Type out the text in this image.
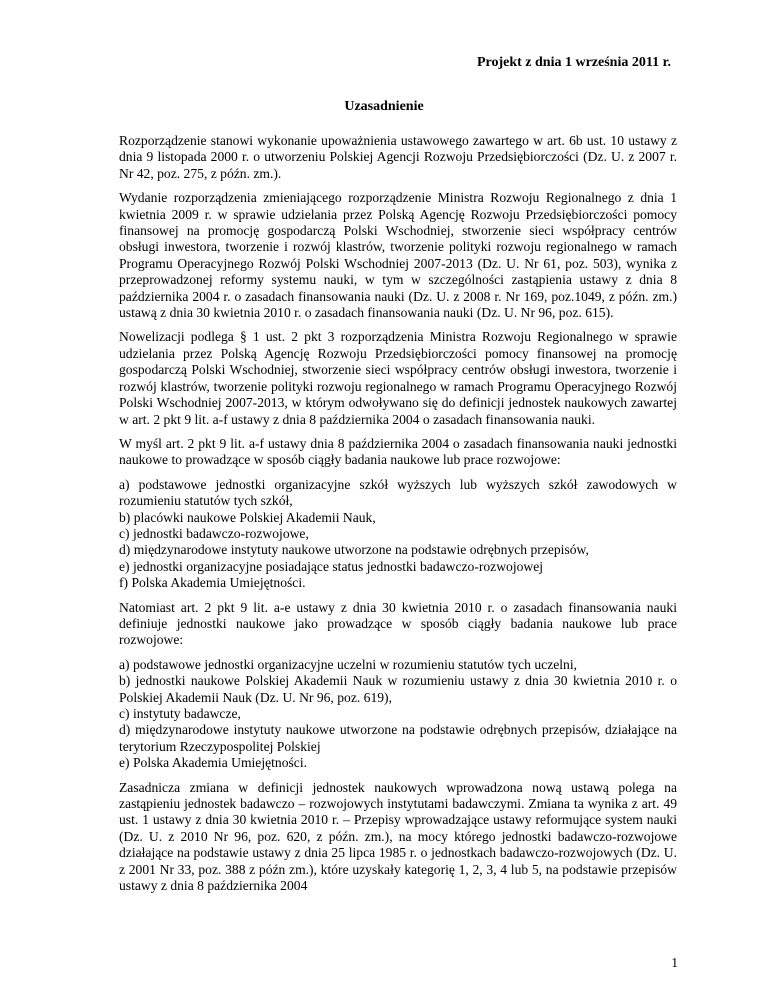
Projekt z dnia 1 września 2011 r.
Uzasadnienie

Rozporządzenie stanowi wykonanie upoważnienia ustawowego zawartego w art. 6b ust. 10 ustawy z dnia 9 listopada 2000 r. o utworzeniu Polskiej Agencji Rozwoju Przedsiębiorczości (Dz. U. z 2007 r. Nr 42, poz. 275, z późn. zm.).

Wydanie rozporządzenia zmieniającego rozporządzenie Ministra Rozwoju Regionalnego z dnia 1 kwietnia 2009 r. w sprawie udzielania przez Polską Agencję Rozwoju Przedsiębiorczości pomocy finansowej na promocję gospodarczą Polski Wschodniej, stworzenie sieci współpracy centrów obsługi inwestora, tworzenie i rozwój klastrów, tworzenie polityki rozwoju regionalnego w ramach Programu Operacyjnego Rozwój Polski Wschodniej 2007-2013 (Dz. U. Nr 61, poz. 503), wynika z przeprowadzonej reformy systemu nauki, w tym w szczególności zastąpienia ustawy z dnia 8 października 2004 r. o zasadach finansowania nauki (Dz. U. z 2008 r. Nr 169, poz.1049, z późn. zm.) ustawą z dnia 30 kwietnia 2010 r. o zasadach finansowania nauki (Dz. U. Nr 96, poz. 615).

Nowelizacji podlega § 1 ust. 2 pkt 3 rozporządzenia Ministra Rozwoju Regionalnego w sprawie udzielania przez Polską Agencję Rozwoju Przedsiębiorczości pomocy finansowej na promocję gospodarczą Polski Wschodniej, stworzenie sieci współpracy centrów obsługi inwestora, tworzenie i rozwój klastrów, tworzenie polityki rozwoju regionalnego w ramach Programu Operacyjnego Rozwój Polski Wschodniej 2007-2013, w którym odwoływano się do definicji jednostek naukowych zawartej w art. 2 pkt 9 lit. a-f ustawy z dnia 8 października 2004 o zasadach finansowania nauki.

W myśl art. 2 pkt 9 lit. a-f ustawy dnia 8 października 2004 o zasadach finansowania nauki jednostki naukowe to prowadzące w sposób ciągły badania naukowe lub prace rozwojowe:

a) podstawowe jednostki organizacyjne szkół wyższych lub wyższych szkół zawodowych w rozumieniu statutów tych szkół,
b) placówki naukowe Polskiej Akademii Nauk,
c) jednostki badawczo-rozwojowe,
d) międzynarodowe instytuty naukowe utworzone na podstawie odrębnych przepisów,
e) jednostki organizacyjne posiadające status jednostki badawczo-rozwojowej
f) Polska Akademia Umiejętności.

Natomiast art. 2 pkt 9 lit. a-e ustawy z dnia 30 kwietnia 2010 r. o zasadach finansowania nauki definiuje jednostki naukowe jako prowadzące w sposób ciągły badania naukowe lub prace rozwojowe:

a) podstawowe jednostki organizacyjne uczelni w rozumieniu statutów tych uczelni,
b) jednostki naukowe Polskiej Akademii Nauk w rozumieniu ustawy z dnia 30 kwietnia 2010 r. o Polskiej Akademii Nauk (Dz. U. Nr 96, poz. 619),
c) instytuty badawcze,
d) międzynarodowe instytuty naukowe utworzone na podstawie odrębnych przepisów, działające na terytorium Rzeczypospolitej Polskiej
e) Polska Akademia Umiejętności.

Zasadnicza zmiana w definicji jednostek naukowych wprowadzona nową ustawą polega na zastąpieniu jednostek badawczo – rozwojowych instytutami badawczymi. Zmiana ta wynika z art. 49 ust. 1 ustawy z dnia 30 kwietnia 2010 r. – Przepisy wprowadzające ustawy reformujące system nauki (Dz. U. z 2010 Nr 96, poz. 620, z późn. zm.), na mocy którego jednostki badawczo-rozwojowe działające na podstawie ustawy z dnia 25 lipca 1985 r. o jednostkach badawczo-rozwojowych (Dz. U. z 2001 Nr 33, poz. 388 z późn zm.), które uzyskały kategorię 1, 2, 3, 4 lub 5, na podstawie przepisów ustawy z dnia 8 października 2004

1
